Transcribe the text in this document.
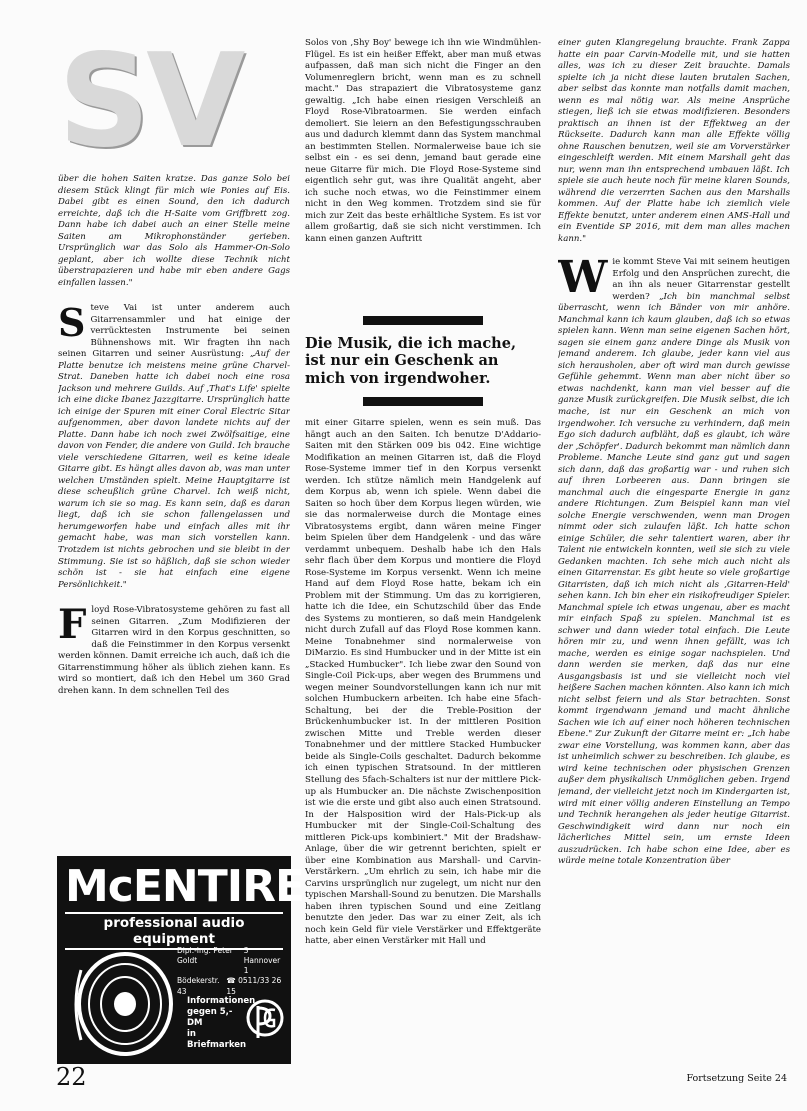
SV

über die hohen Saiten kratze. Das ganze Solo bei diesem Stück klingt für mich wie Ponies auf Eis. Dabei gibt es einen Sound, den ich dadurch erreichte, daß ich die H-Saite vom Griffbrett zog. Dann habe ich dabei auch an einer Stelle meine Saiten am Mikrophonständer gerieben. Ursprünglich war das Solo als Hammer-On-Solo geplant, aber ich wollte diese Technik nicht überstrapazieren und habe mir eben andere Gags einfallen lassen."

S teve Vai ist unter anderem auch Gitarrensammler und hat einige der verrücktesten Instrumente bei seinen Bühnenshows mit. Wir fragten ihn nach seinen Gitarren und seiner Ausrüstung: „Auf der Platte benutze ich meistens meine grüne Charvel-Strat. Daneben hatte ich dabei noch eine rosa Jackson und mehrere Guilds. Auf ‚That's Life' spielte ich eine dicke Ibanez Jazzgitarre. Ursprünglich hatte ich einige der Spuren mit einer Coral Electric Sitar aufgenommen, aber davon landete nichts auf der Platte. Dann habe ich noch zwei Zwölfsaitige, eine davon von Fender, die andere von Guild. Ich brauche viele verschiedene Gitarren, weil es keine ideale Gitarre gibt. Es hängt alles davon ab, was man unter welchen Umständen spielt. Meine Hauptgitarre ist diese scheußlich grüne Charvel. Ich weiß nicht, warum ich sie so mag. Es kann sein, daß es daran liegt, daß ich sie schon fallengelassen und herumgeworfen habe und einfach alles mit ihr gemacht habe, was man sich vorstellen kann. Trotzdem ist nichts gebrochen und sie bleibt in der Stimmung. Sie ist so häßlich, daß sie schon wieder schön ist - sie hat einfach eine eigene Persönlichkeit."

F loyd Rose-Vibratosysteme gehören zu fast all seinen Gitarren. „Zum Modifizieren der Gitarren wird in den Korpus geschnitten, so daß die Feinstimmer in den Korpus versenkt werden können. Damit erreiche ich auch, daß ich die Gitarrenstimmung höher als üblich ziehen kann. Es wird so montiert, daß ich den Hebel um 360 Grad drehen kann. In dem schnellen Teil des

Solos von ‚Shy Boy' bewege ich ihn wie Windmühlen-Flügel. Es ist ein heißer Effekt, aber man muß etwas aufpassen, daß man sich nicht die Finger an den Volumenreglern bricht, wenn man es zu schnell macht." Das strapaziert die Vibratosysteme ganz gewaltig. „Ich habe einen riesigen Verschleiß an Floyd Rose-Vibratoarmen. Sie werden einfach demoliert. Sie leiern an den Befestigungsschrauben aus und dadurch klemmt dann das System manchmal an bestimmten Stellen. Normalerweise baue ich sie selbst ein - es sei denn, jemand baut gerade eine neue Gitarre für mich. Die Floyd Rose-Systeme sind eigentlich sehr gut, was ihre Qualität angeht, aber ich suche noch etwas, wo die Feinstimmer einem nicht in den Weg kommen. Trotzdem sind sie für mich zur Zeit das beste erhältliche System. Es ist vor allem großartig, daß sie sich nicht verstimmen. Ich kann einen ganzen Auftritt
Die Musik, die ich mache, ist nur ein Geschenk an mich von irgendwoher.
mit einer Gitarre spielen, wenn es sein muß. Das hängt auch an den Saiten. Ich benutze D'Addario-Saiten mit den Stärken 009 bis 042. Eine wichtige Modifikation an meinen Gitarren ist, daß die Floyd Rose-Systeme immer tief in den Korpus versenkt werden. Ich stütze nämlich mein Handgelenk auf dem Korpus ab, wenn ich spiele. Wenn dabei die Saiten so hoch über dem Korpus liegen würden, wie sie das normalerweise durch die Montage eines Vibratosystems ergibt, dann wären meine Finger beim Spielen über dem Handgelenk - und das wäre verdammt unbequem. Deshalb habe ich den Hals sehr flach über dem Korpus und montiere die Floyd Rose-Systeme im Korpus versenkt. Wenn ich meine Hand auf dem Floyd Rose hatte, bekam ich ein Problem mit der Stimmung. Um das zu korrigieren, hatte ich die Idee, ein Schutzschild über das Ende des Systems zu montieren, so daß mein Handgelenk nicht durch Zufall auf das Floyd Rose kommen kann. Meine Tonabnehmer sind normalerweise von DiMarzio. Es sind Humbucker und in der Mitte ist ein „Stacked Humbucker". Ich liebe zwar den Sound von Single-Coil Pick-ups, aber wegen des Brummens und wegen meiner Soundvorstellungen kann ich nur mit solchen Humbuckern arbeiten. Ich habe eine 5fach-Schaltung, bei der die Treble-Position der Brückenhumbucker ist. In der mittleren Position zwischen Mitte und Treble werden dieser Tonabnehmer und der mittlere Stacked Humbucker beide als Single-Coils geschaltet. Dadurch bekomme ich einen typischen Stratsound. In der mittleren Stellung des 5fach-Schalters ist nur der mittlere Pick-up als Humbucker an. Die nächste Zwischenposition ist wie die erste und gibt also auch einen Stratsound. In der Halsposition wird der Hals-Pick-up als Humbucker mit der Single-Coil-Schaltung des mittleren Pick-ups kombiniert." Mit der Bradshaw-Anlage, über die wir getrennt berichten, spielt er über eine Kombination aus Marshall- und Carvin-Verstärkern. „Um ehrlich zu sein, ich habe mir die Carvins ursprünglich nur zugelegt, um nicht nur den typischen Marshall-Sound zu benutzen. Die Marshalls haben ihren typischen Sound und eine Zeitlang benutzte den jeder. Das war zu einer Zeit, als ich noch kein Geld für viele Verstärker und Effektgeräte hatte, aber einen Verstärker mit Hall und

einer guten Klangregelung brauchte. Frank Zappa hatte ein paar Carvin-Modelle mit, und sie hatten alles, was ich zu dieser Zeit brauchte. Damals spielte ich ja nicht diese lauten brutalen Sachen, aber selbst das konnte man notfalls damit machen, wenn es mal nötig war. Als meine Ansprüche stiegen, ließ ich sie etwas modifizieren. Besonders praktisch an ihnen ist der Effektweg an der Rückseite. Dadurch kann man alle Effekte völlig ohne Rauschen benutzen, weil sie am Vorverstärker eingeschleift werden. Mit einem Marshall geht das nur, wenn man ihn entsprechend umbauen läßt. Ich spiele sie auch heute noch für meine klaren Sounds, während die verzerrten Sachen aus den Marshalls kommen. Auf der Platte habe ich ziemlich viele Effekte benutzt, unter anderem einen AMS-Hall und ein Eventide SP 2016, mit dem man alles machen kann."

W ie kommt Steve Vai mit seinem heutigen Erfolg und den Ansprüchen zurecht, die an ihn als neuer Gitarrenstar gestellt werden? „Ich bin manchmal selbst überrascht, wenn ich Bänder von mir anhöre. Manchmal kann ich kaum glauben, daß ich so etwas spielen kann. Wenn man seine eigenen Sachen hört, sagen sie einem ganz andere Dinge als Musik von jemand anderem. Ich glaube, jeder kann viel aus sich herausholen, aber oft wird man durch gewisse Gefühle gehemmt. Wenn man aber nicht über so etwas nachdenkt, kann man viel besser auf die ganze Musik zurückgreifen. Die Musik selbst, die ich mache, ist nur ein Geschenk an mich von irgendwoher. Ich versuche zu verhindern, daß mein Ego sich dadurch aufbläht, daß es glaubt, ich wäre der ‚Schöpfer'. Dadurch bekommt man nämlich dann Probleme. Manche Leute sind ganz gut und sagen sich dann, daß das großartig war - und ruhen sich auf ihren Lorbeeren aus. Dann bringen sie manchmal auch die eingesparte Energie in ganz andere Richtungen. Zum Beispiel kann man viel solche Energie verschwenden, wenn man Drogen nimmt oder sich zulaufen läßt. Ich hatte schon einige Schüler, die sehr talentiert waren, aber ihr Talent nie entwickeln konnten, weil sie sich zu viele Gedanken machten. Ich sehe mich auch nicht als einen Gitarrenstar. Es gibt heute so viele großartige Gitarristen, daß ich mich nicht als ‚Gitarren-Held' sehen kann. Ich bin eher ein risikofreudiger Spieler. Manchmal spiele ich etwas ungenau, aber es macht mir einfach Spaß zu spielen. Manchmal ist es schwer und dann wieder total einfach. Die Leute hören mir zu, und wenn ihnen gefällt, was ich mache, werden es einige sogar nachspielen. Und dann werden sie merken, daß das nur eine Ausgangsbasis ist und sie vielleicht noch viel heißere Sachen machen könnten. Also kann ich mich nicht selbst feiern und als Star betrachten. Sonst kommt irgendwann jemand und macht ähnliche Sachen wie ich auf einer noch höheren technischen Ebene." Zur Zukunft der Gitarre meint er: „Ich habe zwar eine Vorstellung, was kommen kann, aber das ist unheimlich schwer zu beschreiben. Ich glaube, es wird keine technischen oder physischen Grenzen außer dem physikalisch Unmöglichen geben. Irgend jemand, der vielleicht jetzt noch im Kindergarten ist, wird mit einer völlig anderen Einstellung an Tempo und Technik herangehen als jeder heutige Gitarrist. Geschwindigkeit wird dann nur noch ein lächerliches Mittel sein, um ernste Ideen auszudrücken. Ich habe schon eine Idee, aber es würde meine totale Konzentration über

McENTIRE
professional audio equipment
Dipl.-Ing. Peter Goldt
3 Hannover 1
Bödekerstr. 43
☎ 0511/33 26 15
Informationen
gegen 5,- DM
in Briefmarken
22	Fortsetzung Seite 24
